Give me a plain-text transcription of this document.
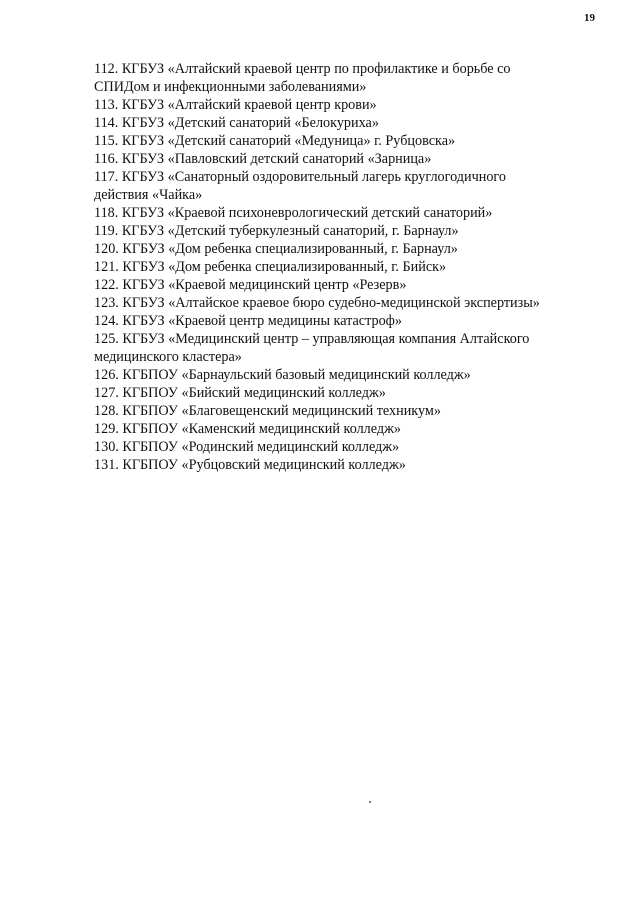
19
112. КГБУЗ «Алтайский краевой центр по профилактике и борьбе со
СПИДом и инфекционными заболеваниями»
113. КГБУЗ «Алтайский краевой центр крови»
114. КГБУЗ «Детский санаторий «Белокуриха»
115. КГБУЗ «Детский санаторий «Медуница» г. Рубцовска»
116. КГБУЗ «Павловский детский санаторий «Зарница»
117. КГБУЗ «Санаторный оздоровительный лагерь круглогодичного
действия «Чайка»
118. КГБУЗ «Краевой психоневрологический детский санаторий»
119. КГБУЗ «Детский туберкулезный санаторий, г. Барнаул»
120. КГБУЗ «Дом ребенка специализированный, г. Барнаул»
121. КГБУЗ «Дом ребенка специализированный, г. Бийск»
122. КГБУЗ «Краевой медицинский центр «Резерв»
123. КГБУЗ «Алтайское краевое бюро судебно-медицинской экспертизы»
124. КГБУЗ «Краевой центр медицины катастроф»
125. КГБУЗ «Медицинский центр – управляющая компания Алтайского
медицинского кластера»
126. КГБПОУ «Барнаульский базовый медицинский колледж»
127. КГБПОУ «Бийский медицинский колледж»
128. КГБПОУ «Благовещенский медицинский техникум»
129. КГБПОУ «Каменский медицинский колледж»
130. КГБПОУ «Родинский медицинский колледж»
131. КГБПОУ «Рубцовский медицинский колледж»
